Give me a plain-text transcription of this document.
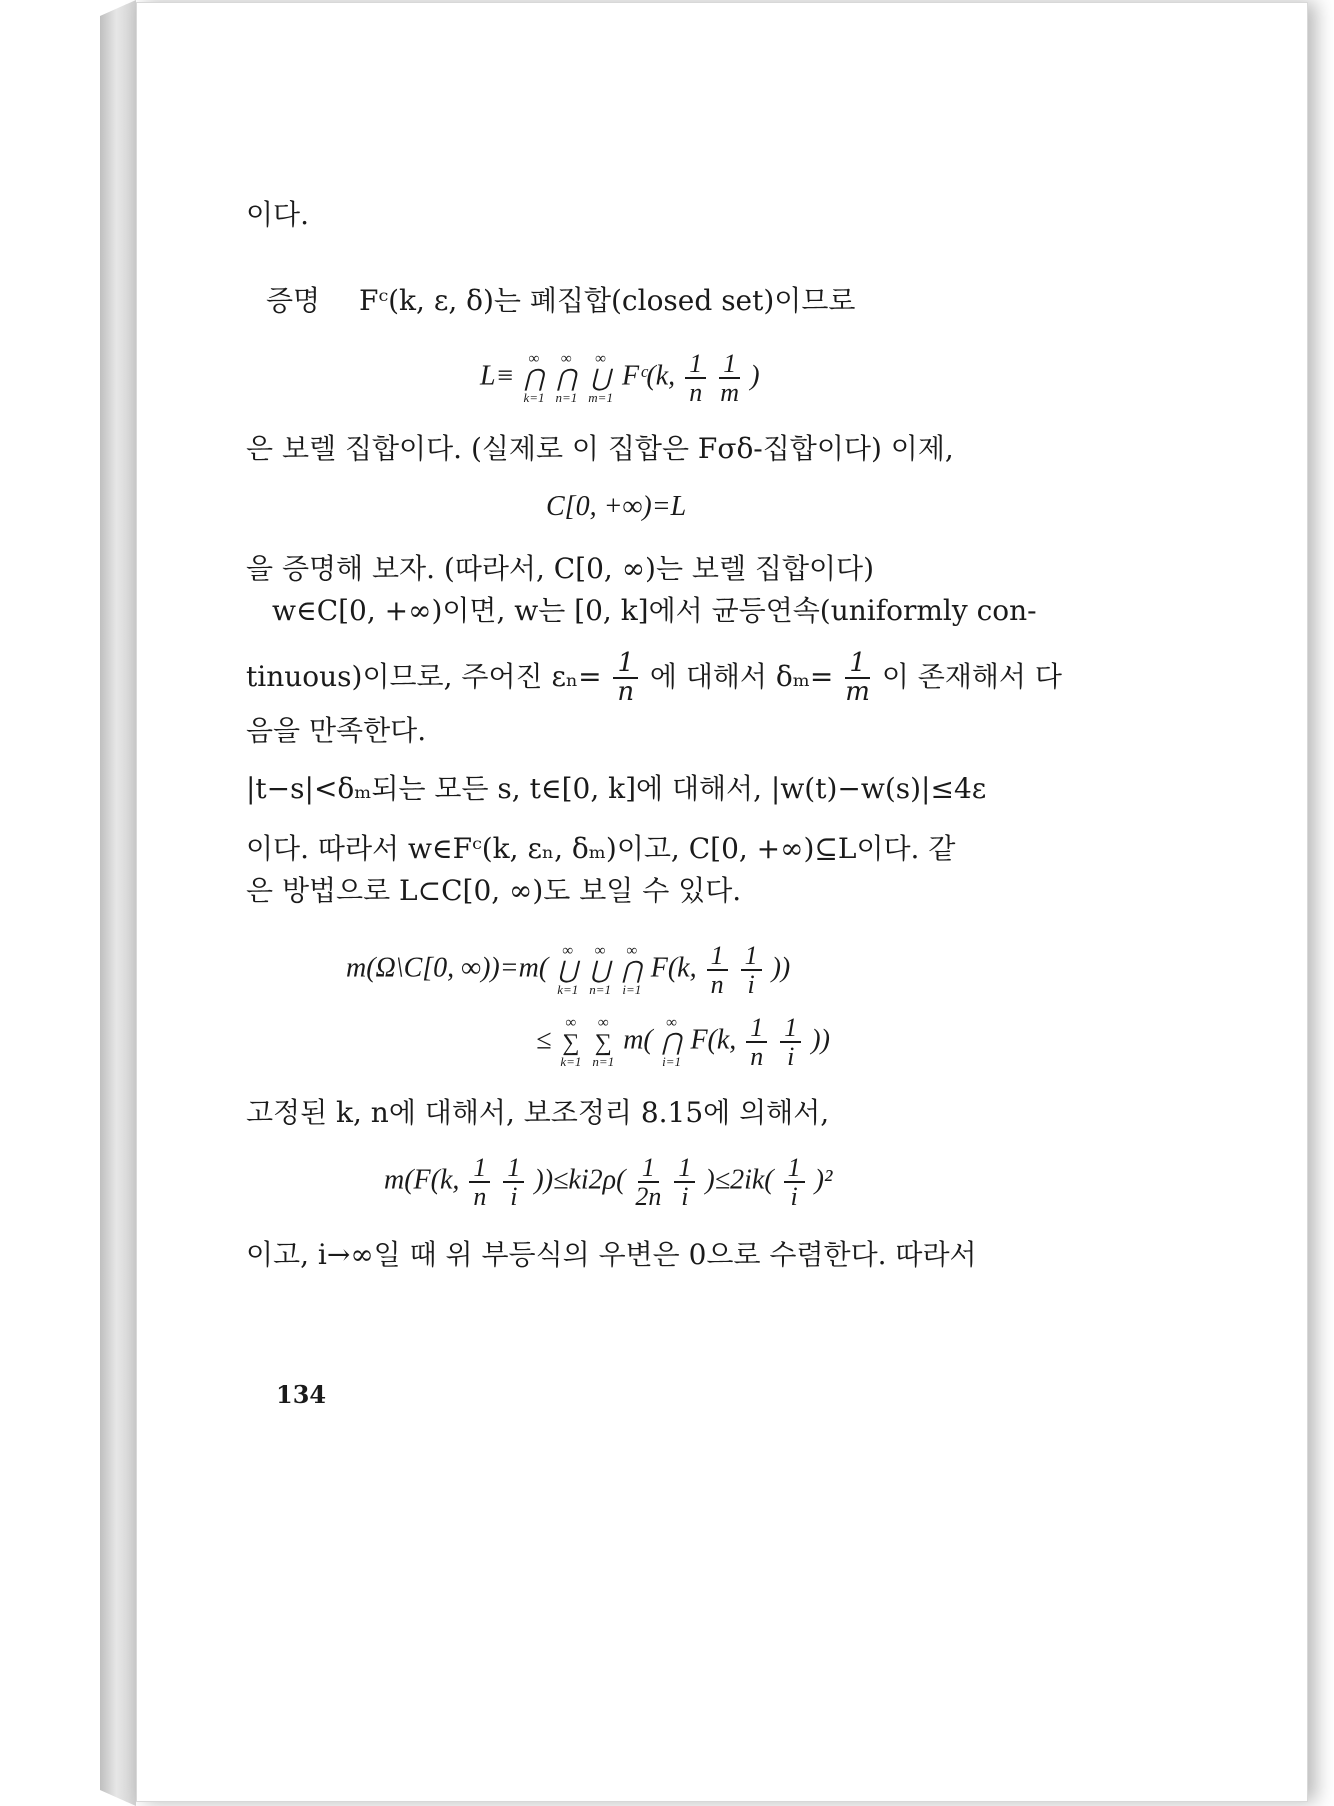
이다.
증명 Fᶜ(k, ε, δ)는 폐집합(closed set)이므로
L≡
∞
⋂
k=1

∞
⋂
n=1

∞
⋃
m=1
Fᶜ(k, $\frac{1}{n}$
$\frac{1}{m}$ )
은 보렐 집합이다. (실제로 이 집합은 Fσδ-집합이다) 이제,
C[0, +∞)=L
을 증명해 보자. (따라서, C[0, ∞)는 보렐 집합이다)
w∈C[0, +∞)이면, w는 [0, k]에서 균등연속(uniformly con-
tinuous)이므로, 주어진 $\varepsilon_n= \frac{1}{n}$ 에 대해서 $\delta_m= \frac{1}{m}$ 이 존재해서 다
음을 만족한다.
|t−s|<δₘ되는 모든 s, t∈[0, k]에 대해서, |w(t)−w(s)|≤4ε
이다. 따라서 w∈Fᶜ(k, εₙ, δₘ)이고, C[0, +∞)⊆L이다. 같
은 방법으로 L⊂C[0, ∞)도 보일 수 있다.
m(Ω\C[0, ∞))=m(
∞
⋃
k=1

∞
⋃
n=1

∞
⋂
i=1
F(k, $\frac{1}{n}$
$\frac{1}{i}$ ))
≤
∞
∑
k=1

∞
∑
n=1
m(
∞
⋂
i=1
F(k, $\frac{1}{n}$
$\frac{1}{i}$ ))
고정된 k, n에 대해서, 보조정리 8.15에 의해서,
m(F(k, $\frac{1}{n}$
$\frac{1}{i} ))\le ki2\rho( \frac{1}{2n}$
$\frac{1}{i} )\le 2ik( \frac{1}{i} )^2$
이고, i→∞일 때 위 부등식의 우변은 0으로 수렴한다. 따라서
134
